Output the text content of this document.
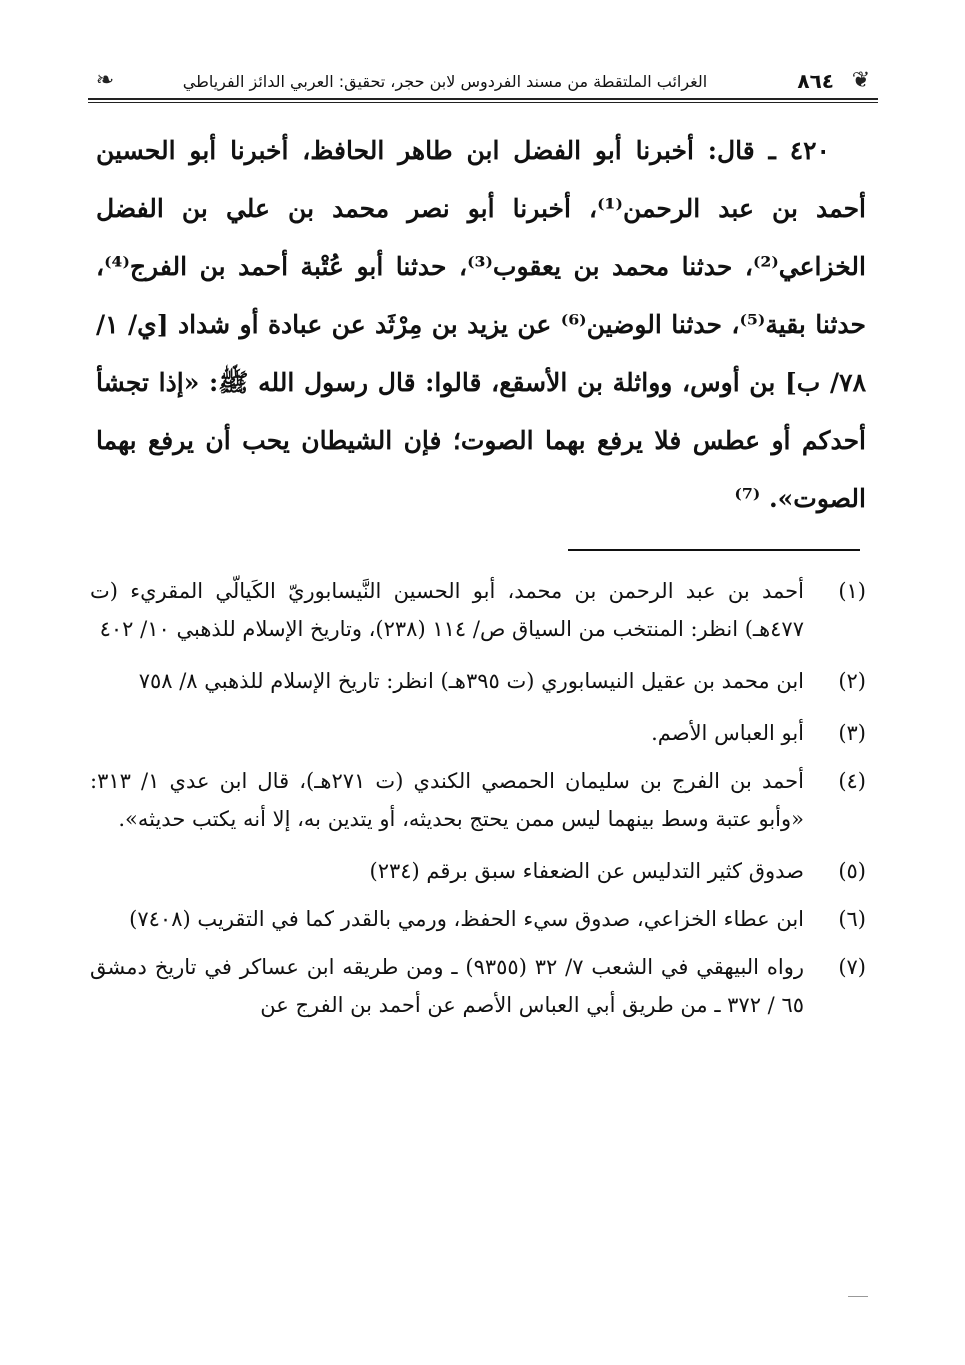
❦
٨٦٤
الغرائب الملتقطة من مسند الفردوس لابن حجر، تحقيق: العربي الدائز الفرياطي
❧

٤٢٠ ـ قال: أخبرنا أبو الفضل ابن طاهر الحافظ، أخبرنا أبو الحسين أحمد بن عبد الرحمن⁽¹⁾، أخبرنا أبو نصر محمد بن علي بن الفضل الخزاعي⁽²⁾، حدثنا محمد بن يعقوب⁽³⁾، حدثنا أبو عُتْبة أحمد بن الفرج⁽⁴⁾، حدثنا بقية⁽⁵⁾، حدثنا الوضين⁽⁶⁾ عن يزيد بن مِرْثَد عن عبادة أو شداد [ي/ ١/ ٧٨/ ب] بن أوس، وواثلة بن الأسقع، قالوا: قال رسول الله ﷺ: «إذا تجشأ أحدكم أو عطس فلا يرفع بهما الصوت؛ فإن الشيطان يحب أن يرفع بهما الصوت». ⁽⁷⁾

(١)
أحمد بن عبد الرحمن بن محمد، أبو الحسين النَّيسابوريّ الكَيالّي المقريء (ت ٤٧٧هـ) انظر: المنتخب من السياق ص/ ١١٤ (٢٣٨)، وتاريخ الإسلام للذهبي ١٠/ ٤٠٢
(٢)
ابن محمد بن عقيل النيسابوري (ت ٣٩٥هـ) انظر: تاريخ الإسلام للذهبي ٨/ ٧٥٨
(٣)
أبو العباس الأصم.
(٤)
أحمد بن الفرج بن سليمان الحمصي الكندي (ت ٢٧١هـ)، قال ابن عدي ١/ ٣١٣: «وأبو عتبة وسط بينهما ليس ممن يحتج بحديثه، أو يتدين به، إلا أنه يكتب حديثه».
(٥)
صدوق كثير التدليس عن الضعفاء سبق برقم (٢٣٤)
(٦)
ابن عطاء الخزاعي، صدوق سيء الحفظ، ورمي بالقدر كما في التقريب (٧٤٠٨)
(٧)
رواه البيهقي في الشعب ٧/ ٣٢ (٩٣٥٥) ـ ومن طريقه ابن عساكر في تاريخ دمشق ٦٥ / ٣٧٢ ـ من طريق أبي العباس الأصم عن أحمد بن الفرج عن
